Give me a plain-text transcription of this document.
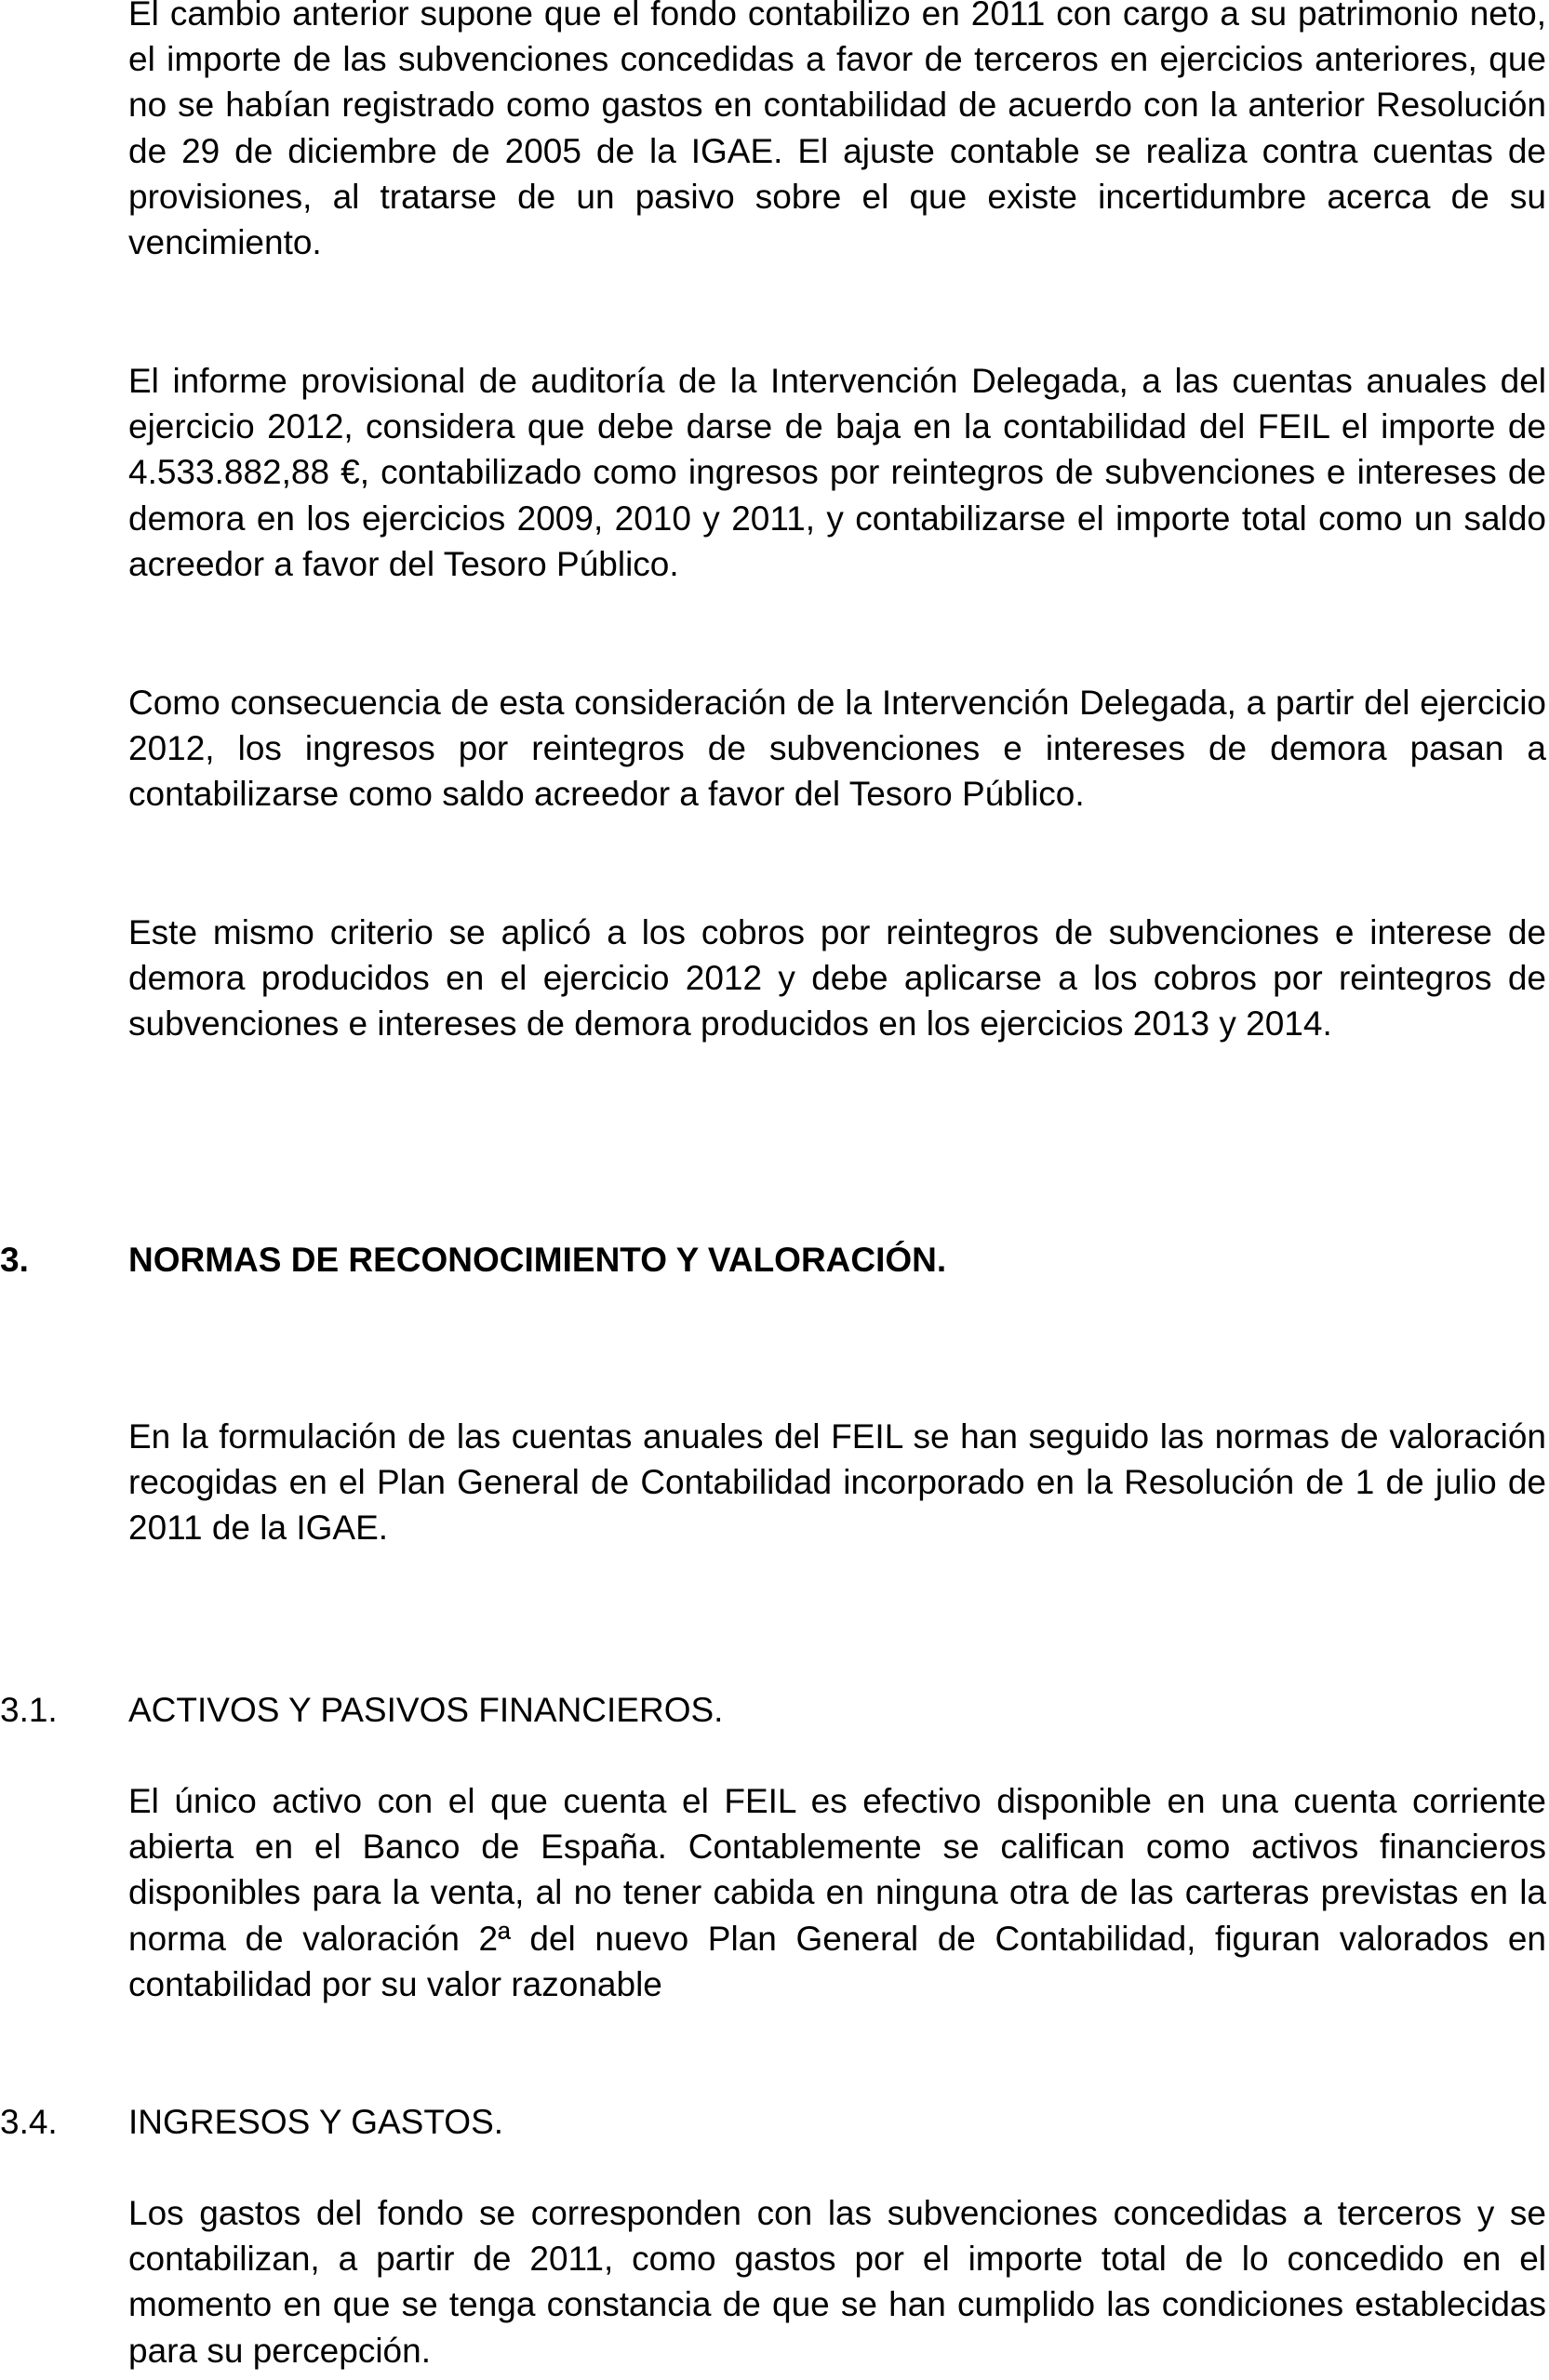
El cambio anterior supone que el fondo contabilizo en 2011 con cargo a su patrimonio neto, el importe de las subvenciones concedidas a favor de terceros en ejercicios anteriores, que no se habían registrado como gastos en contabilidad de acuerdo con la anterior Resolución de 29 de diciembre de 2005 de la IGAE. El ajuste contable se realiza contra cuentas de provisiones, al tratarse de un pasivo sobre el que existe incertidumbre acerca de su vencimiento.

El informe provisional de auditoría de la Intervención Delegada, a las cuentas anuales del ejercicio 2012, considera que debe darse de baja en la contabilidad del FEIL el importe de 4.533.882,88 €, contabilizado como ingresos por reintegros de subvenciones e intereses de demora en los ejercicios 2009, 2010 y 2011, y contabilizarse el importe total como un saldo acreedor a favor del Tesoro Público.

Como consecuencia de esta consideración de la Intervención Delegada, a partir del ejercicio 2012, los ingresos por reintegros de subvenciones e intereses de demora pasan a contabilizarse como saldo acreedor a favor del Tesoro Público.

Este mismo criterio se aplicó a los cobros por reintegros de subvenciones e interese de demora producidos en el ejercicio 2012 y debe aplicarse a los cobros por reintegros de subvenciones e intereses de demora producidos en los ejercicios 2013 y 2014.

3.	NORMAS DE RECONOCIMIENTO Y VALORACIÓN.

En la formulación de las cuentas anuales del FEIL se han seguido las normas de valoración recogidas en el Plan General de Contabilidad incorporado en la Resolución de 1 de julio de 2011 de la IGAE.

3.1. ACTIVOS Y PASIVOS FINANCIEROS.

El único activo con el que cuenta el FEIL es efectivo disponible en una cuenta corriente abierta en el Banco de España. Contablemente se califican como activos financieros disponibles para la venta, al no tener cabida en ninguna otra de las carteras previstas en la norma de valoración 2ª del nuevo Plan General de Contabilidad, figuran valorados en contabilidad por su valor razonable

3.4. INGRESOS Y GASTOS.

Los gastos del fondo se corresponden con las subvenciones concedidas a terceros y se contabilizan, a partir de 2011, como gastos por el importe total de lo concedido en el momento en que se tenga constancia de que se han cumplido las condiciones establecidas para su percepción.
